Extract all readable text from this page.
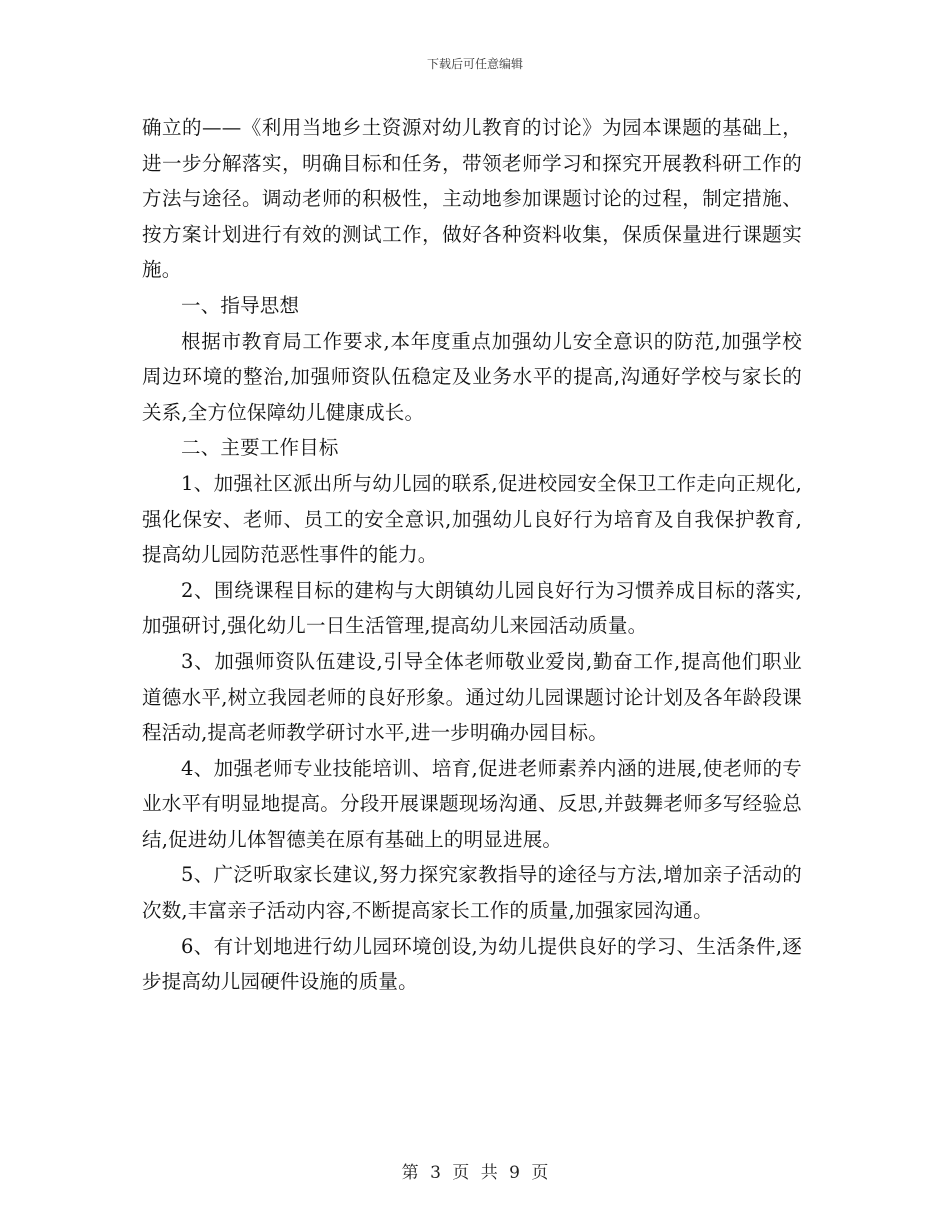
下载后可任意编辑

确立的——《利用当地乡土资源对幼儿教育的讨论》为园本课题的基础上，进一步分解落实，明确目标和任务，带领老师学习和探究开展教科研工作的方法与途径。调动老师的积极性，主动地参加课题讨论的过程，制定措施、按方案计划进行有效的测试工作，做好各种资料收集，保质保量进行课题实施。

一、指导思想

根据市教育局工作要求,本年度重点加强幼儿安全意识的防范,加强学校周边环境的整治,加强师资队伍稳定及业务水平的提高,沟通好学校与家长的关系,全方位保障幼儿健康成长。

二、主要工作目标

1、加强社区派出所与幼儿园的联系,促进校园安全保卫工作走向正规化,强化保安、老师、员工的安全意识,加强幼儿良好行为培育及自我保护教育,提高幼儿园防范恶性事件的能力。

2、围绕课程目标的建构与大朗镇幼儿园良好行为习惯养成目标的落实,加强研讨,强化幼儿一日生活管理,提高幼儿来园活动质量。

3、加强师资队伍建设,引导全体老师敬业爱岗,勤奋工作,提高他们职业道德水平,树立我园老师的良好形象。通过幼儿园课题讨论计划及各年龄段课程活动,提高老师教学研讨水平,进一步明确办园目标。

4、加强老师专业技能培训、培育,促进老师素养内涵的进展,使老师的专业水平有明显地提高。分段开展课题现场沟通、反思,并鼓舞老师多写经验总结,促进幼儿体智德美在原有基础上的明显进展。

5、广泛听取家长建议,努力探究家教指导的途径与方法,增加亲子活动的次数,丰富亲子活动内容,不断提高家长工作的质量,加强家园沟通。

6、有计划地进行幼儿园环境创设,为幼儿提供良好的学习、生活条件,逐步提高幼儿园硬件设施的质量。

第 3 页 共 9 页
